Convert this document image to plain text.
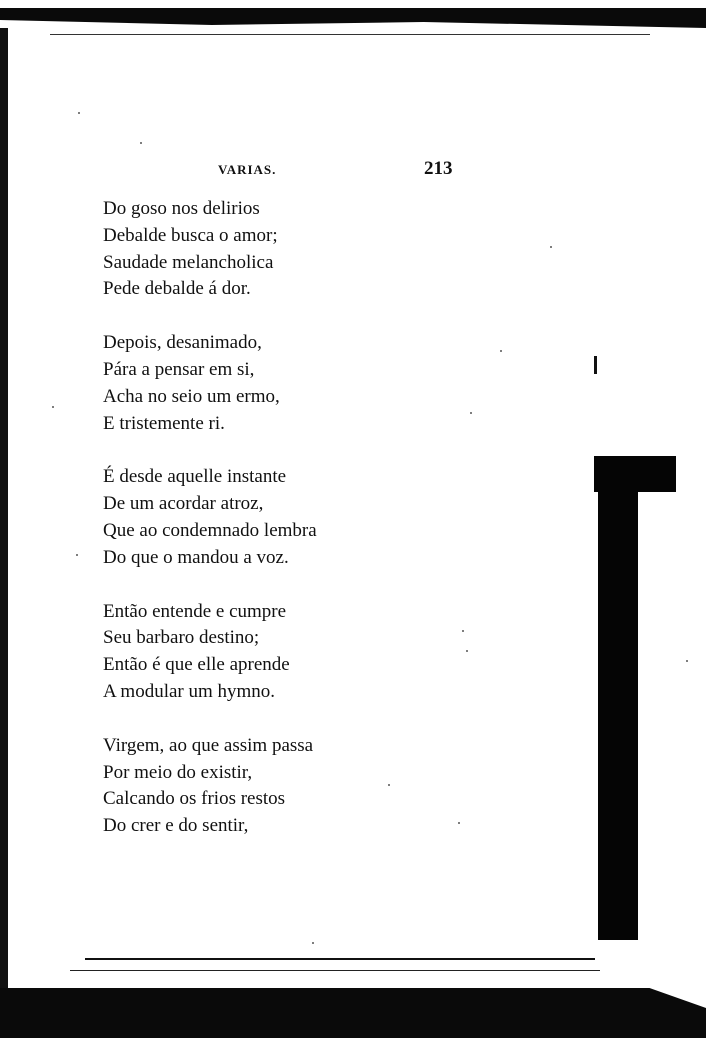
VARIAS.	213
Do goso nos delirios
Debalde busca o amor;
Saudade melancholica
Pede debalde á dor.
Depois, desanimado,
Pára a pensar em si,
Acha no seio um ermo,
E tristemente ri.
É desde aquelle instante
De um acordar atroz,
Que ao condemnado lembra
Do que o mandou a voz.
Então entende e cumpre
Seu barbaro destino;
Então é que elle aprende
A modular um hymno.
Virgem, ao que assim passa
Por meio do existir,
Calcando os frios restos
Do crer e do sentir,
